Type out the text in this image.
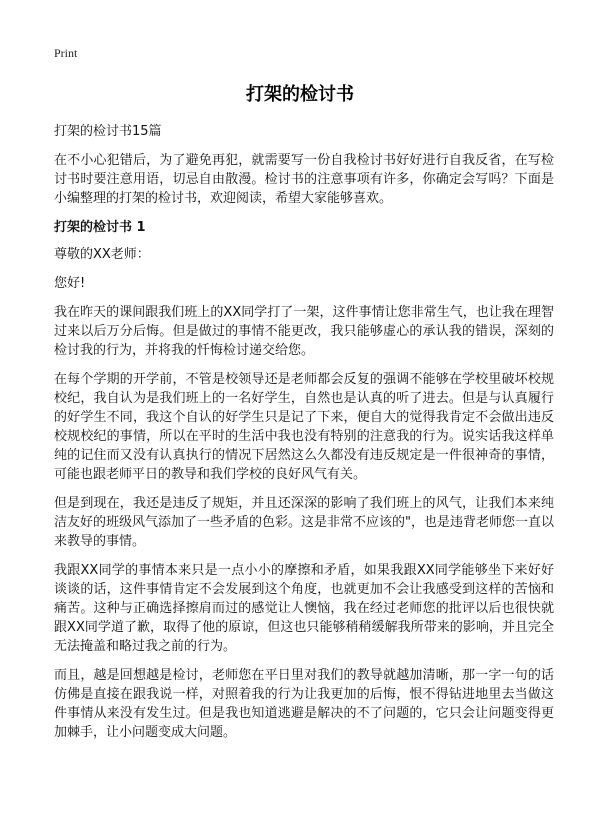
Print
打架的检讨书

打架的检讨书15篇

在不小心犯错后，为了避免再犯，就需要写一份自我检讨书好好进行自我反省，在写检讨书时要注意用语，切忌自由散漫。检讨书的注意事项有许多，你确定会写吗？下面是小编整理的打架的检讨书，欢迎阅读，希望大家能够喜欢。

打架的检讨书 1

尊敬的XX老师：

您好!

我在昨天的课间跟我们班上的XX同学打了一架，这件事情让您非常生气，也让我在理智过来以后万分后悔。但是做过的事情不能更改，我只能够虚心的承认我的错误，深刻的检讨我的行为，并将我的忏悔检讨递交给您。

在每个学期的开学前，不管是校领导还是老师都会反复的强调不能够在学校里破坏校规校纪，我自认为是我们班上的一名好学生，自然也是认真的听了进去。但是与认真履行的好学生不同，我这个自认的好学生只是记了下来，便自大的觉得我肯定不会做出违反校规校纪的事情，所以在平时的生活中我也没有特别的注意我的行为。说实话我这样单纯的记住而又没有认真执行的情况下居然这么久都没有违反规定是一件很神奇的事情，可能也跟老师平日的教导和我们学校的良好风气有关。

但是到现在，我还是违反了规矩，并且还深深的影响了我们班上的风气，让我们本来纯洁友好的班级风气添加了一些矛盾的色彩。这是非常不应该的"，也是违背老师您一直以来教导的事情。

我跟XX同学的事情本来只是一点小小的摩擦和矛盾，如果我跟XX同学能够坐下来好好谈谈的话，这件事情肯定不会发展到这个角度，也就更加不会让我感受到这样的苦恼和痛苦。这种与正确选择擦肩而过的感觉让人懊恼，我在经过老师您的批评以后也很快就跟XX同学道了歉，取得了他的原谅，但这也只能够稍稍缓解我所带来的影响，并且完全无法掩盖和略过我之前的行为。

而且，越是回想越是检讨，老师您在平日里对我们的教导就越加清晰，那一字一句的话仿佛是直接在跟我说一样，对照着我的行为让我更加的后悔，恨不得钻进地里去当做这件事情从来没有发生过。但是我也知道逃避是解决的不了问题的，它只会让问题变得更加棘手，让小问题变成大问题。
